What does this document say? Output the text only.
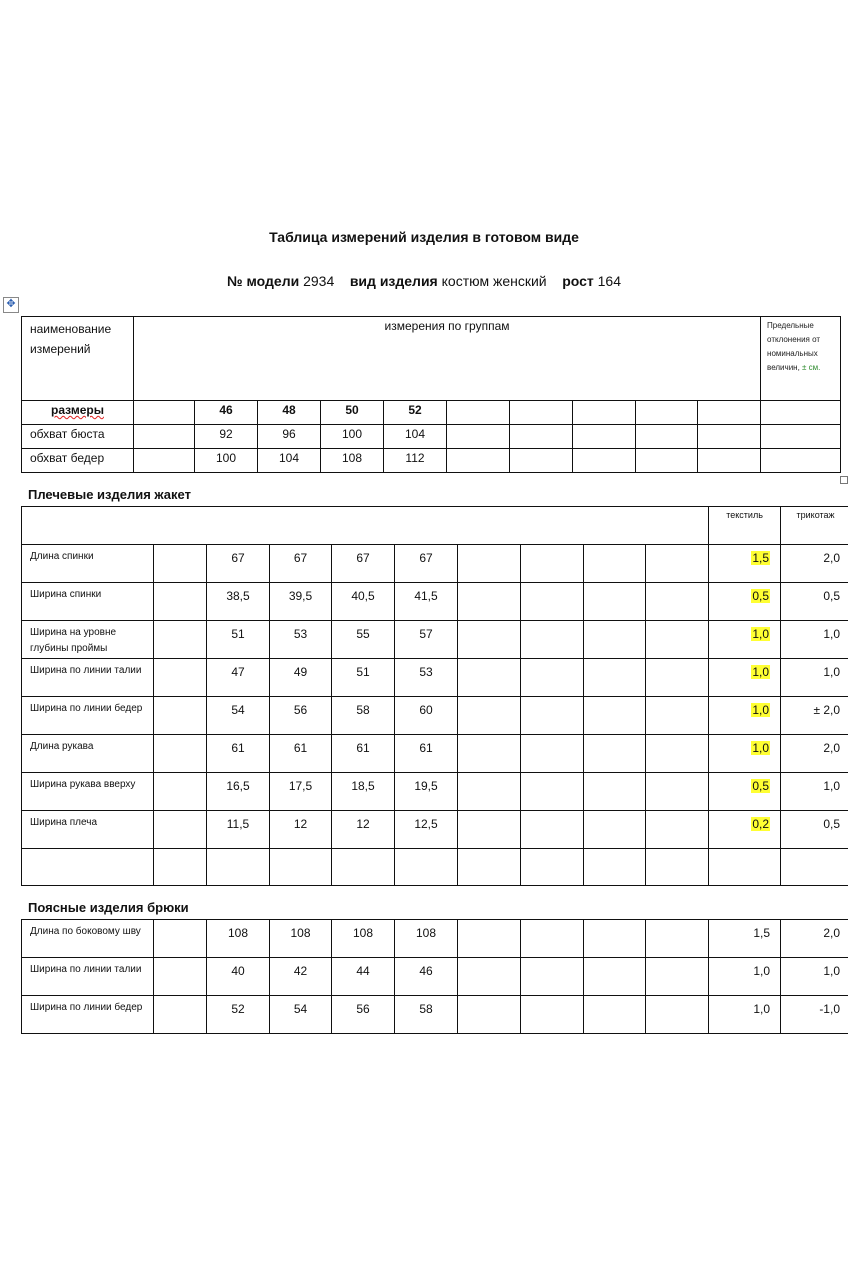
Таблица измерений изделия в готовом виде
№ модели 2934 вид изделия костюм женский рост 164
✥
наименование измерений	измерения по группам										Предельные отклонения от номинальных величин, ± см.
размеры		46	48	50	52						
обхват бюста		92	96	100	104						
обхват бедер		100	104	108	112						
Плечевые изделия жакет
										текстиль	трикотаж
Длина спинки		67	67	67	67					1,5	2,0
Ширина спинки		38,5	39,5	40,5	41,5					0,5	0,5
Ширина на уровне глубины проймы		51	53	55	57					1,0	1,0
Ширина по линии талии		47	49	51	53					1,0	1,0
Ширина по линии бедер		54	56	58	60					1,0	± 2,0
Длина рукава		61	61	61	61					1,0	2,0
Ширина рукава вверху		16,5	17,5	18,5	19,5					0,5	1,0
Ширина плеча		11,5	12	12	12,5					0,2	0,5

Поясные изделия брюки
Длина по боковому шву		108	108	108	108					1,5	2,0
Ширина по линии талии		40	42	44	46					1,0	1,0
Ширина по линии бедер		52	54	56	58					1,0	-1,0
